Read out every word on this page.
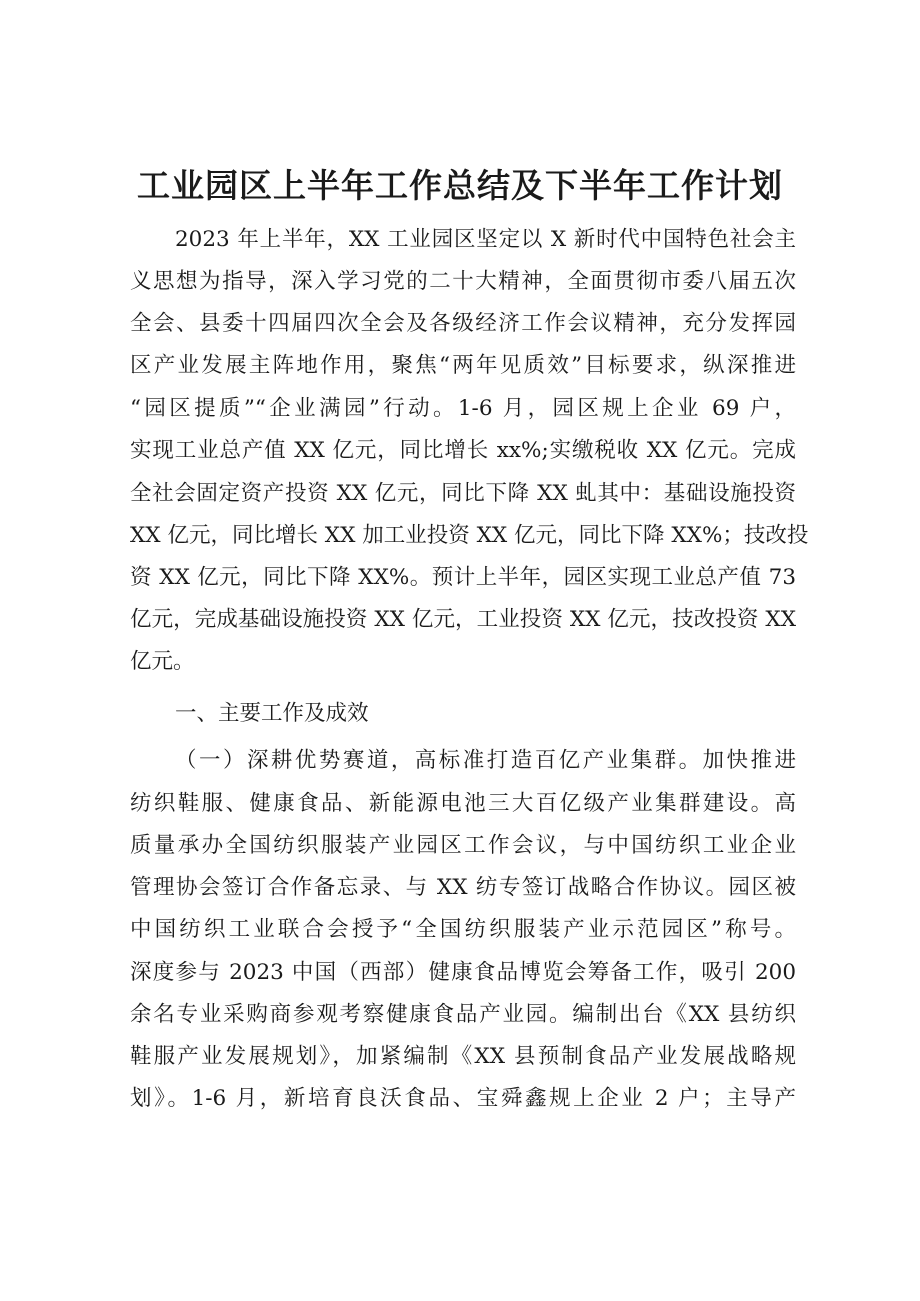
工业园区上半年工作总结及下半年工作计划

2023 年上半年，XX 工业园区坚定以 X 新时代中国特色社会主

义思想为指导，深入学习党的二十大精神，全面贯彻市委八届五次

全会、县委十四届四次全会及各级经济工作会议精神，充分发挥园

区产业发展主阵地作用，聚焦“两年见质效”目标要求，纵深推进

“园区提质”“企业满园”行动。1-6 月，园区规上企业 69 户，

实现工业总产值 XX 亿元，同比增长 xx%;实缴税收 XX 亿元。完成

全社会固定资产投资 XX 亿元，同比下降 XX 虬其中：基础设施投资

XX 亿元，同比增长 XX 加工业投资 XX 亿元，同比下降 XX%；技改投

资 XX 亿元，同比下降 XX%。预计上半年，园区实现工业总产值 73

亿元，完成基础设施投资 XX 亿元，工业投资 XX 亿元，技改投资 XX

亿元。

一、主要工作及成效

（一）深耕优势赛道，高标准打造百亿产业集群。加快推进

纺织鞋服、健康食品、新能源电池三大百亿级产业集群建设。高

质量承办全国纺织服装产业园区工作会议，与中国纺织工业企业

管理协会签订合作备忘录、与 XX 纺专签订战略合作协议。园区被

中国纺织工业联合会授予“全国纺织服装产业示范园区”称号。

深度参与 2023 中国（西部）健康食品博览会筹备工作，吸引 200

余名专业采购商参观考察健康食品产业园。编制出台《XX 县纺织

鞋服产业发展规划》，加紧编制《XX 县预制食品产业发展战略规

划》。1-6 月，新培育良沃食品、宝舜鑫规上企业 2 户；主导产
